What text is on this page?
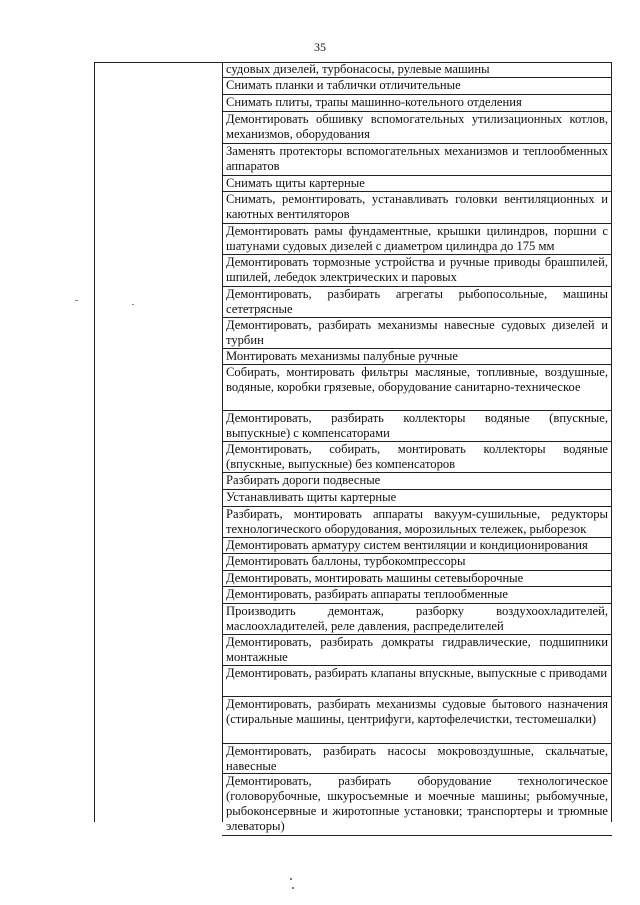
35
судовых дизелей, турбонасосы, рулевые машины
Снимать планки и таблички отличительные
Снимать плиты, трапы машинно-котельного отделения
Демонтировать обшивку вспомогательных утилизационных котлов, механизмов, оборудования
Заменять протекторы вспомогательных механизмов и теплообменных аппаратов
Снимать щиты картерные
Снимать, ремонтировать, устанавливать головки вентиляционных и каютных вентиляторов
Демонтировать рамы фундаментные, крышки цилиндров, поршни с шатунами судовых дизелей с диаметром цилиндра до 175 мм
Демонтировать тормозные устройства и ручные приводы брашпилей, шпилей, лебедок электрических и паровых
Демонтировать, разбирать агрегаты рыбопосольные, машины сететрясные
Демонтировать, разбирать механизмы навесные судовых дизелей и турбин
Монтировать механизмы палубные ручные
Собирать, монтировать фильтры масляные, топливные, воздушные, водяные, коробки грязевые, оборудование санитарно-техническое
Демонтировать, разбирать коллекторы водяные (впускные, выпускные) с компенсаторами
Демонтировать, собирать, монтировать коллекторы водяные (впускные, выпускные) без компенсаторов
Разбирать дороги подвесные
Устанавливать щиты картерные
Разбирать, монтировать аппараты вакуум-сушильные, редукторы технологического оборудования, морозильных тележек, рыборезок
Демонтировать арматуру систем вентиляции и кондиционирования
Демонтировать баллоны, турбокомпрессоры
Демонтировать, монтировать машины сетевыборочные
Демонтировать, разбирать аппараты теплообменные
Производить демонтаж, разборку воздухоохладителей, маслоохладителей, реле давления, распределителей
Демонтировать, разбирать домкраты гидравлические, подшипники монтажные
Демонтировать, разбирать клапаны впускные, выпускные с приводами
Демонтировать, разбирать механизмы судовые бытового назначения (стиральные машины, центрифуги, картофелечистки, тестомешалки)
Демонтировать, разбирать насосы мокровоздушные, скальчатые, навесные
Демонтировать, разбирать оборудование технологическое (головорубочные, шкуросъемные и моечные машины; рыбомучные, рыбоконсервные и жиротопные установки; транспортеры и трюмные элеваторы)
